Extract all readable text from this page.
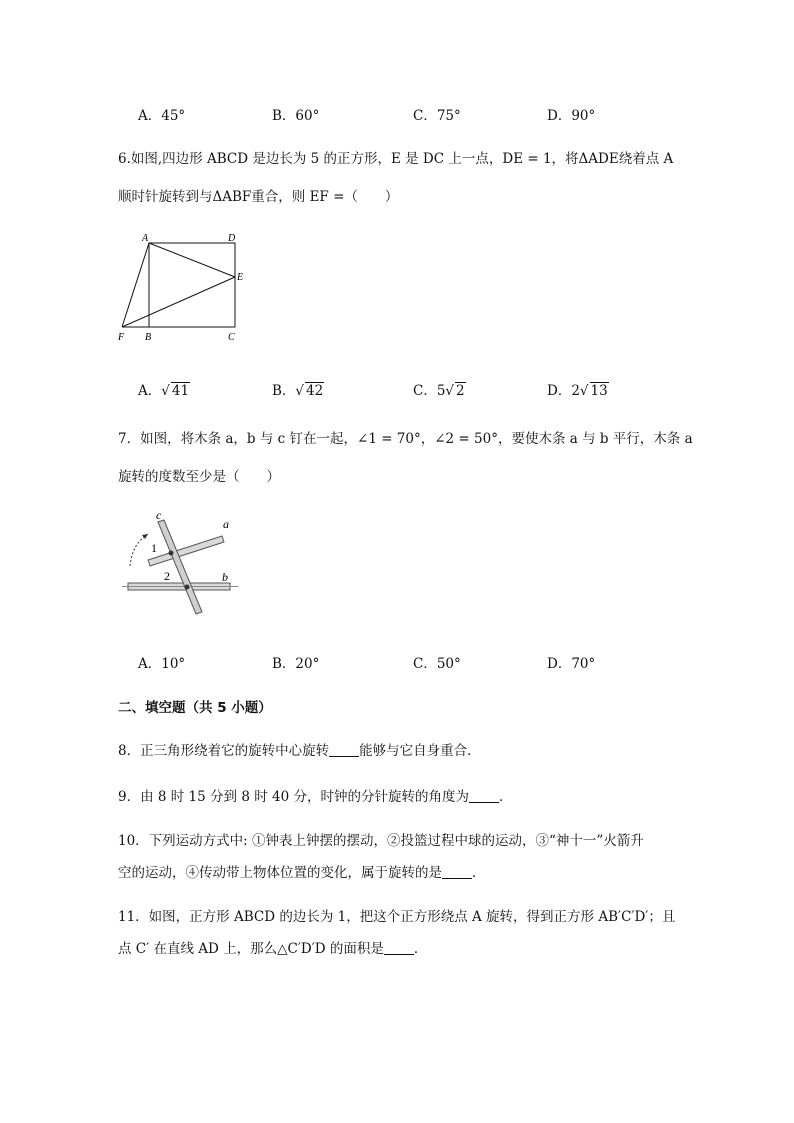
A．45°	B．60°	C．75°	D．90°
6.如图,四边形 ABCD 是边长为 5 的正方形，E 是 DC 上一点，DE = 1，将ΔADE绕着点 A
顺时针旋转到与ΔABF重合，则 EF =（　　）
A	D
E
F B	C
A．√ 41	B．√ 42	C．5√ 2	D．2√ 13
7．如图，将木条 a，b 与 c 钉在一起，∠1 = 70°，∠2 = 50°，要使木条 a 与 b 平行，木条 a
旋转的度数至少是（　　）
c
a
b
1
2
A．10°	B．20°	C．50°	D．70°
二、填空题（共 5 小题）
8．正三角形绕着它的旋转中心旋转 能够与它自身重合．
9．由 8 时 15 分到 8 时 40 分，时钟的分针旋转的角度为 ．
10．下列运动方式中: ①钟表上钟摆的摆动，②投篮过程中球的运动，③“神十一”火箭升
空的运动，④传动带上物体位置的变化，属于旋转的是 ．
11．如图，正方形 ABCD 的边长为 1，把这个正方形绕点 A 旋转，得到正方形 AB′C′D′；且
点 C′ 在直线 AD 上，那么△C′D′D 的面积是 ．
